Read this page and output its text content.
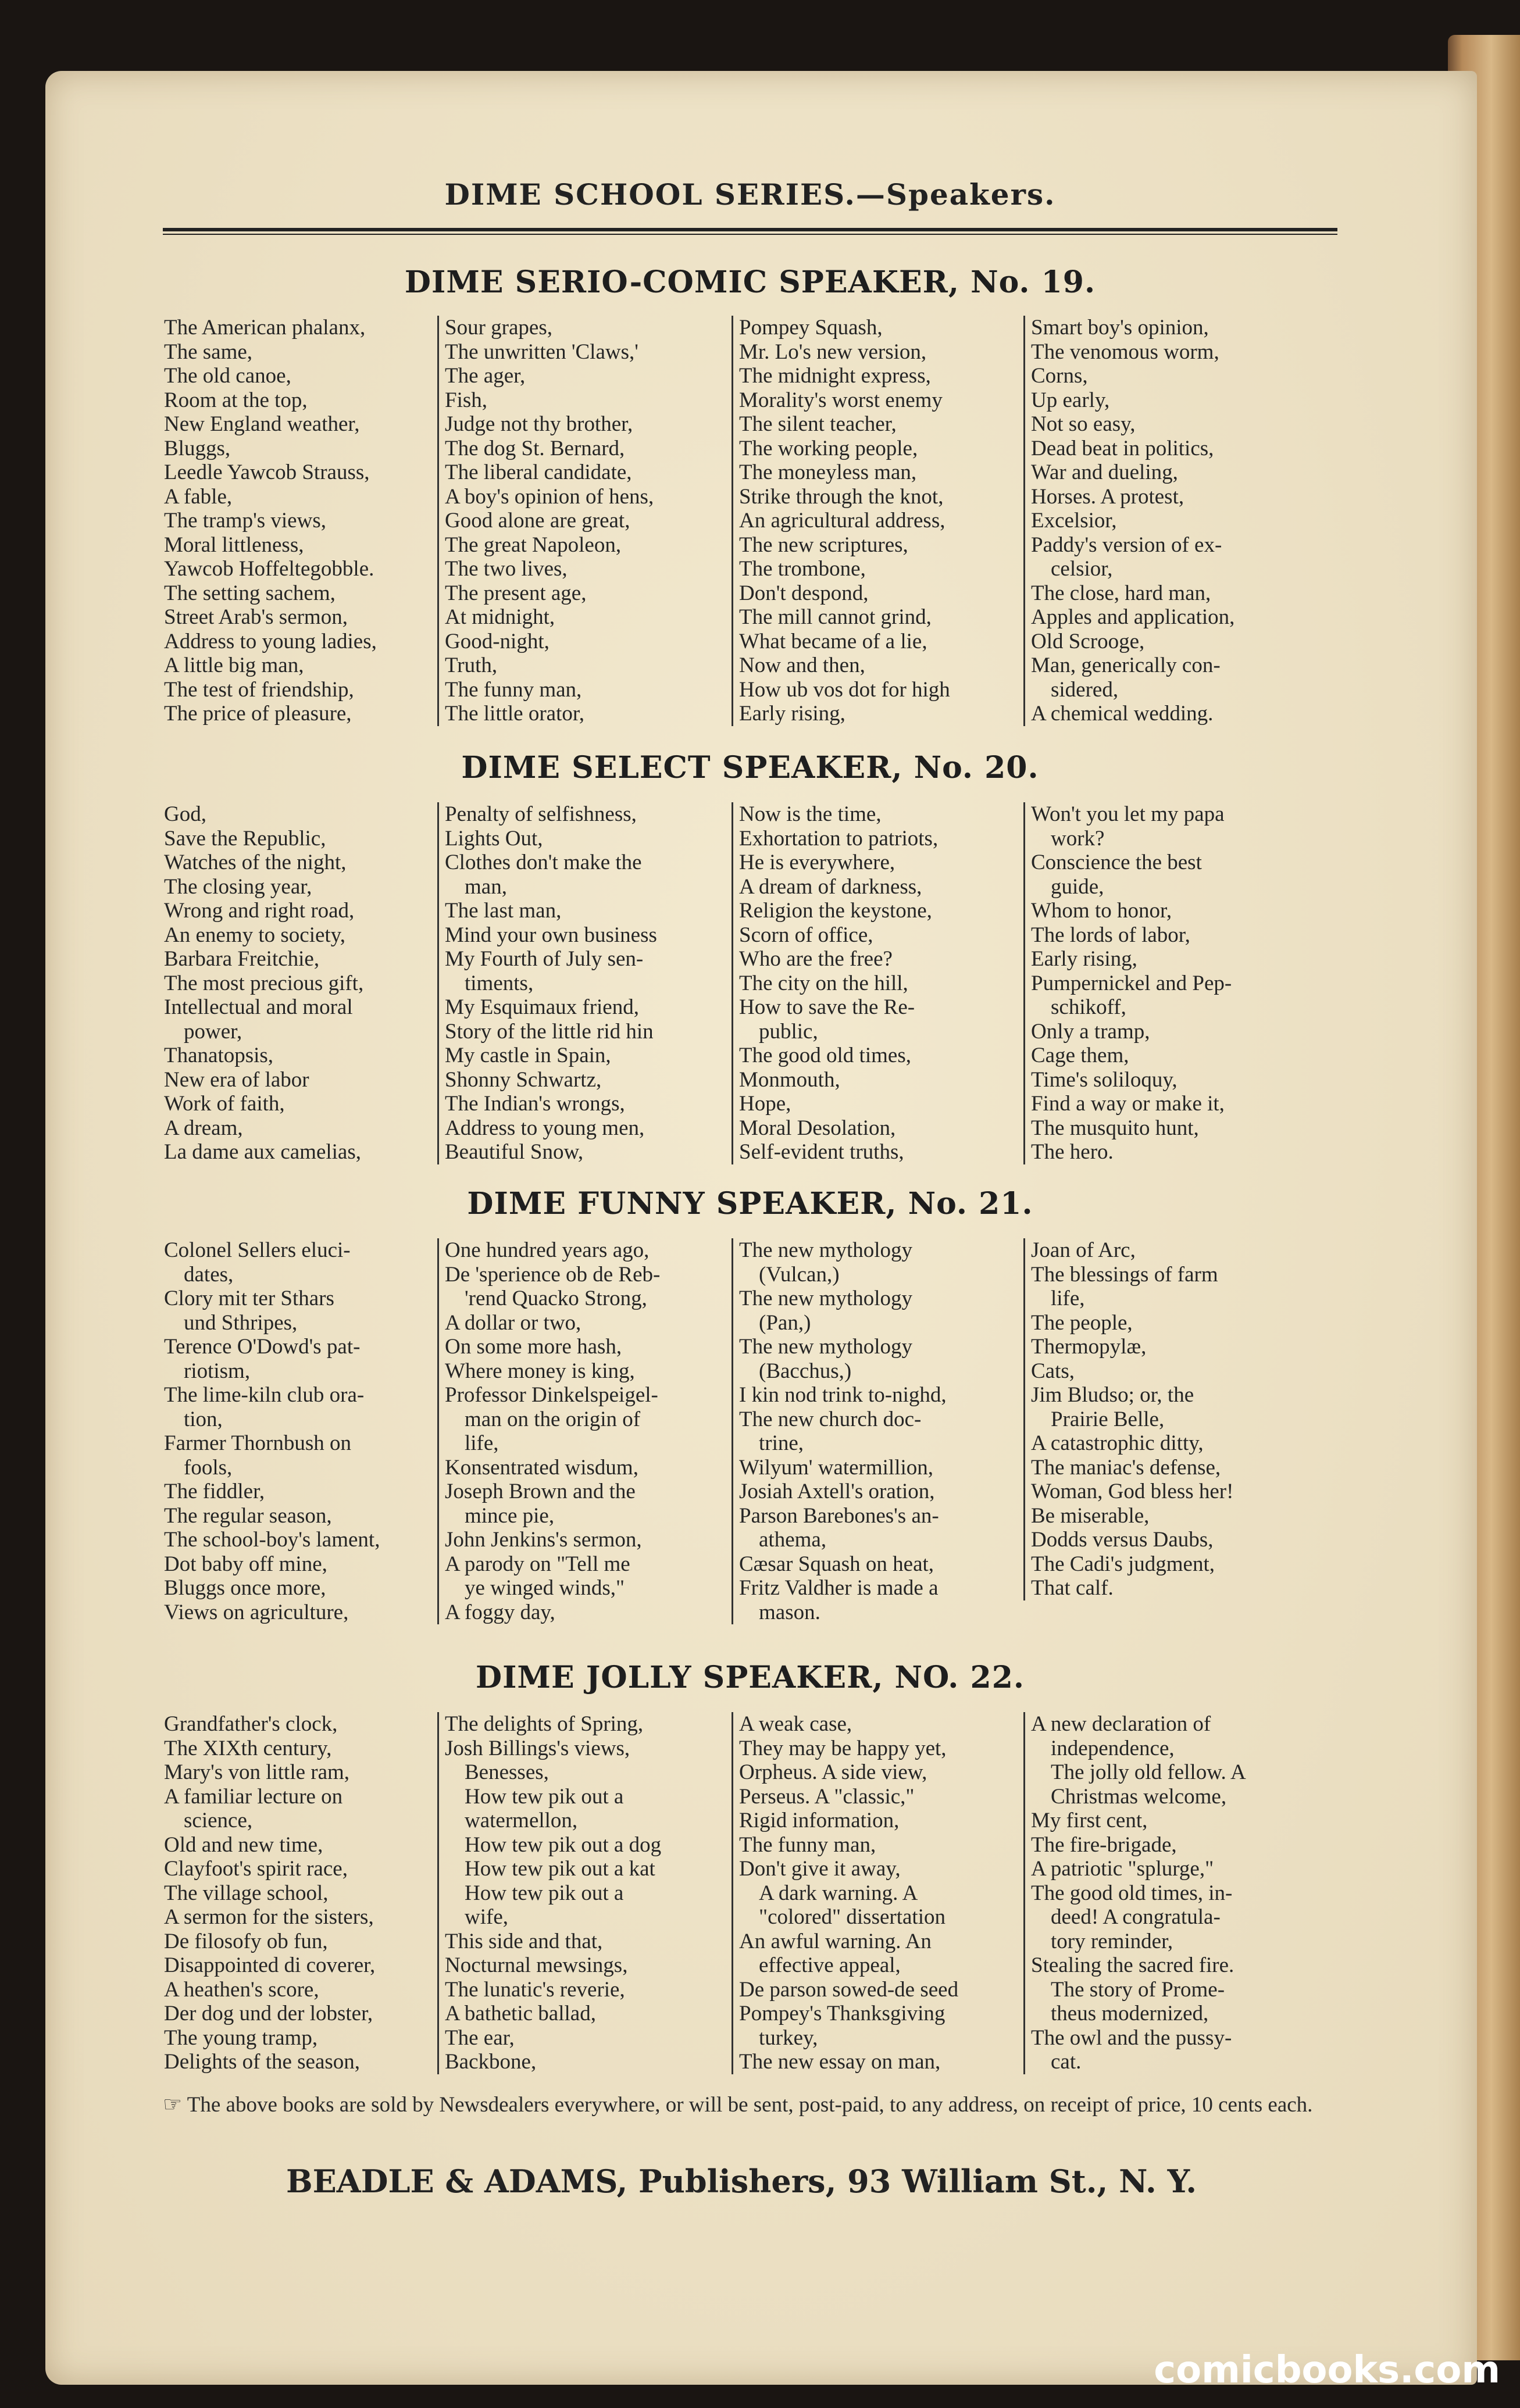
DIME SCHOOL SERIES.—Speakers.
DIME SERIO-COMIC SPEAKER, No. 19.
The American phalanx,
The same,
The old canoe,
Room at the top,
New England weather,
Bluggs,
Leedle Yawcob Strauss,
A fable,
The tramp's views,
Moral littleness,
Yawcob Hoffeltegobble.
The setting sachem,
Street Arab's sermon,
Address to young ladies,
A little big man,
The test of friendship,
The price of pleasure,
Sour grapes,
The unwritten 'Claws,'
The ager,
Fish,
Judge not thy brother,
The dog St. Bernard,
The liberal candidate,
A boy's opinion of hens,
Good alone are great,
The great Napoleon,
The two lives,
The present age,
At midnight,
Good-night,
Truth,
The funny man,
The little orator,
Pompey Squash,
Mr. Lo's new version,
The midnight express,
Morality's worst enemy
The silent teacher,
The working people,
The moneyless man,
Strike through the knot,
An agricultural address,
The new scriptures,
The trombone,
Don't despond,
The mill cannot grind,
What became of a lie,
Now and then,
How ub vos dot for high
Early rising,
Smart boy's opinion,
The venomous worm,
Corns,
Up early,
Not so easy,
Dead beat in politics,
War and dueling,
Horses. A protest,
Excelsior,
Paddy's version of ex-
celsior,
The close, hard man,
Apples and application,
Old Scrooge,
Man, generically con-
sidered,
A chemical wedding.
DIME SELECT SPEAKER, No. 20.
God,
Save the Republic,
Watches of the night,
The closing year,
Wrong and right road,
An enemy to society,
Barbara Freitchie,
The most precious gift,
Intellectual and moral
power,
Thanatopsis,
New era of labor
Work of faith,
A dream,
La dame aux camelias,
Penalty of selfishness,
Lights Out,
Clothes don't make the
man,
The last man,
Mind your own business
My Fourth of July sen-
timents,
My Esquimaux friend,
Story of the little rid hin
My castle in Spain,
Shonny Schwartz,
The Indian's wrongs,
Address to young men,
Beautiful Snow,
Now is the time,
Exhortation to patriots,
He is everywhere,
A dream of darkness,
Religion the keystone,
Scorn of office,
Who are the free?
The city on the hill,
How to save the Re-
public,
The good old times,
Monmouth,
Hope,
Moral Desolation,
Self-evident truths,
Won't you let my papa
work?
Conscience the best
guide,
Whom to honor,
The lords of labor,
Early rising,
Pumpernickel and Pep-
schikoff,
Only a tramp,
Cage them,
Time's soliloquy,
Find a way or make it,
The musquito hunt,
The hero.
DIME FUNNY SPEAKER, No. 21.
Colonel Sellers eluci-
dates,
Clory mit ter Sthars
und Sthripes,
Terence O'Dowd's pat-
riotism,
The lime-kiln club ora-
tion,
Farmer Thornbush on
fools,
The fiddler,
The regular season,
The school-boy's lament,
Dot baby off mine,
Bluggs once more,
Views on agriculture,
One hundred years ago,
De 'sperience ob de Reb-
'rend Quacko Strong,
A dollar or two,
On some more hash,
Where money is king,
Professor Dinkelspeigel-
man on the origin of
life,
Konsentrated wisdum,
Joseph Brown and the
mince pie,
John Jenkins's sermon,
A parody on "Tell me
ye winged winds,"
A foggy day,
The new mythology
(Vulcan,)
The new mythology
(Pan,)
The new mythology
(Bacchus,)
I kin nod trink to-nighd,
The new church doc-
trine,
Wilyum' watermillion,
Josiah Axtell's oration,
Parson Barebones's an-
athema,
Cæsar Squash on heat,
Fritz Valdher is made a
mason.
Joan of Arc,
The blessings of farm
life,
The people,
Thermopylæ,
Cats,
Jim Bludso; or, the
Prairie Belle,
A catastrophic ditty,
The maniac's defense,
Woman, God bless her!
Be miserable,
Dodds versus Daubs,
The Cadi's judgment,
That calf.
DIME JOLLY SPEAKER, NO. 22.
Grandfather's clock,
The XIXth century,
Mary's von little ram,
A familiar lecture on
science,
Old and new time,
Clayfoot's spirit race,
The village school,
A sermon for the sisters,
De filosofy ob fun,
Disappointed di coverer,
A heathen's score,
Der dog und der lobster,
The young tramp,
Delights of the season,
The delights of Spring,
Josh Billings's views,
Benesses,
How tew pik out a
watermellon,
How tew pik out a dog
How tew pik out a kat
How tew pik out a
wife,
This side and that,
Nocturnal mewsings,
The lunatic's reverie,
A bathetic ballad,
The ear,
Backbone,
A weak case,
They may be happy yet,
Orpheus. A side view,
Perseus. A "classic,"
Rigid information,
The funny man,
Don't give it away,
A dark warning. A
"colored" dissertation
An awful warning. An
effective appeal,
De parson sowed-de seed
Pompey's Thanksgiving
turkey,
The new essay on man,
A new declaration of
independence,
The jolly old fellow. A
Christmas welcome,
My first cent,
The fire-brigade,
A patriotic "splurge,"
The good old times, in-
deed! A congratula-
tory reminder,
Stealing the sacred fire.
The story of Prome-
theus modernized,
The owl and the pussy-
cat.
☞ The above books are sold by Newsdealers everywhere, or will be sent, post-paid, to any address, on receipt of price, 10 cents each.
BEADLE & ADAMS, Publishers, 93 William St., N. Y.
comicbooks.com
